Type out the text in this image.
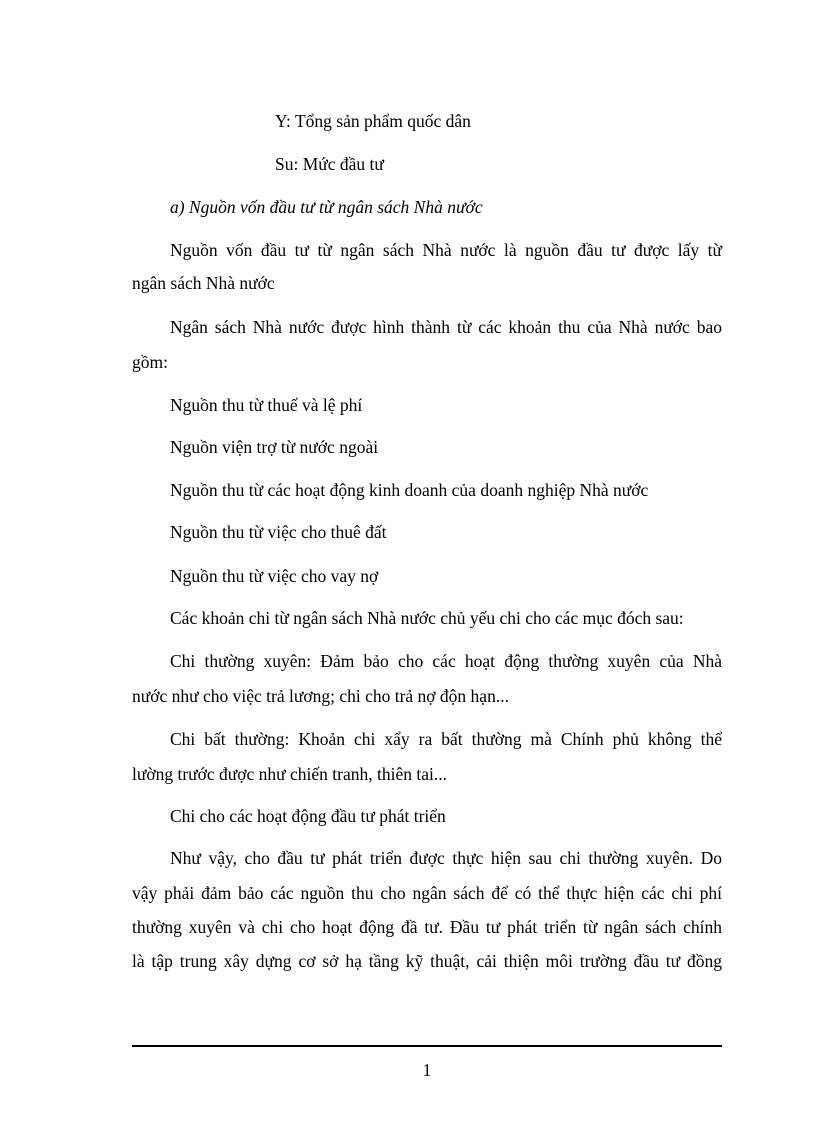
Y: Tổng sản phẩm quốc dân

Su: Mức đầu tư

a) Nguồn vốn đầu tư từ ngân sách Nhà nước

Nguồn vốn đầu tư từ ngân sách Nhà nước là nguồn đầu tư được lấy từ

ngân sách Nhà nước

Ngân sách Nhà nước được hình thành từ các khoản thu của Nhà nước bao

gồm:

Nguồn thu từ thuế và lệ phí

Nguồn viện trợ từ nước ngoài

Nguồn thu từ các hoạt động kinh doanh của doanh nghiệp Nhà nước

Nguồn thu từ việc cho thuê đất

Nguồn thu từ việc cho vay nợ

Các khoản chi từ ngân sách Nhà nước chủ yếu chi cho các mục đóch sau:

Chi thường xuyên: Đảm bảo cho các hoạt động thường xuyên của Nhà

nước như cho việc trả lương; chi cho trả nợ độn hạn...

Chi bất thường: Khoản chi xẩy ra bất thường mà Chính phủ không thể

lường trước được như chiến tranh, thiên tai...

Chi cho các hoạt động đầu tư phát triển

Như vậy, cho đầu tư phát triển được thực hiện sau chi thường xuyên. Do

vậy phải đảm bảo các nguồn thu cho ngân sách để có thể thực hiện các chi phí

thường xuyên và chi cho hoạt động đầ tư. Đầu tư phát triển từ ngân sách chính

là tập trung xây dựng cơ sở hạ tầng kỹ thuật, cải thiện môi trường đầu tư đồng

1
